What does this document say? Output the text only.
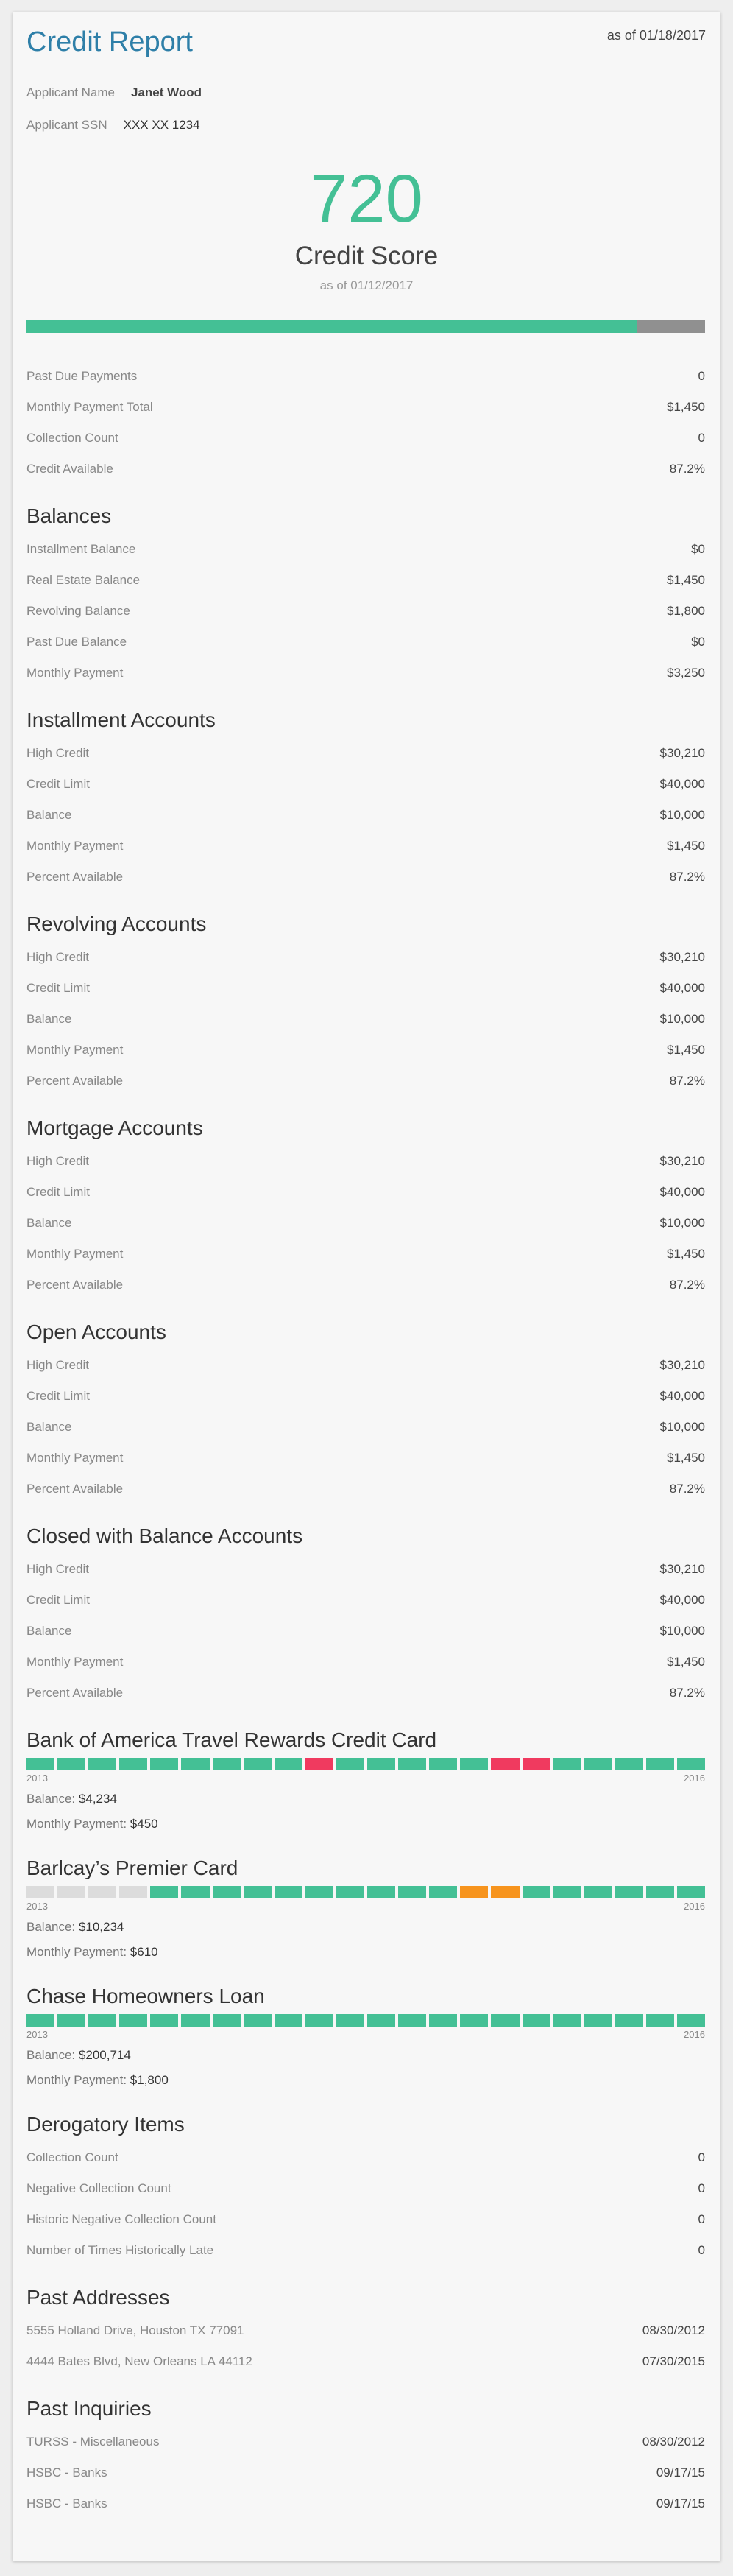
Credit Report	as of 01/18/2017
Applicant Name Janet Wood
Applicant SSN XXX XX 1234
720
Credit Score
as of 01/12/2017
Past Due Payments	0
Monthly Payment Total	$1,450
Collection Count	0
Credit Available	87.2%
Balances
Installment Balance	$0
Real Estate Balance	$1,450
Revolving Balance	$1,800
Past Due Balance	$0
Monthly Payment	$3,250
Installment Accounts
High Credit	$30,210
Credit Limit	$40,000
Balance	$10,000
Monthly Payment	$1,450
Percent Available	87.2%
Revolving Accounts
High Credit	$30,210
Credit Limit	$40,000
Balance	$10,000
Monthly Payment	$1,450
Percent Available	87.2%
Mortgage Accounts
High Credit	$30,210
Credit Limit	$40,000
Balance	$10,000
Monthly Payment	$1,450
Percent Available	87.2%
Open Accounts
High Credit	$30,210
Credit Limit	$40,000
Balance	$10,000
Monthly Payment	$1,450
Percent Available	87.2%
Closed with Balance Accounts
High Credit	$30,210
Credit Limit	$40,000
Balance	$10,000
Monthly Payment	$1,450
Percent Available	87.2%
Bank of America Travel Rewards Credit Card
2013	2016
Balance: $4,234
Monthly Payment: $450
Barlcay’s Premier Card
2013	2016
Balance: $10,234
Monthly Payment: $610
Chase Homeowners Loan
2013	2016
Balance: $200,714
Monthly Payment: $1,800
Derogatory Items
Collection Count	0
Negative Collection Count	0
Historic Negative Collection Count	0
Number of Times Historically Late	0
Past Addresses
5555 Holland Drive, Houston TX 77091	08/30/2012
4444 Bates Blvd, New Orleans LA 44112	07/30/2015
Past Inquiries
TURSS - Miscellaneous	08/30/2012
HSBC - Banks	09/17/15
HSBC - Banks	09/17/15
